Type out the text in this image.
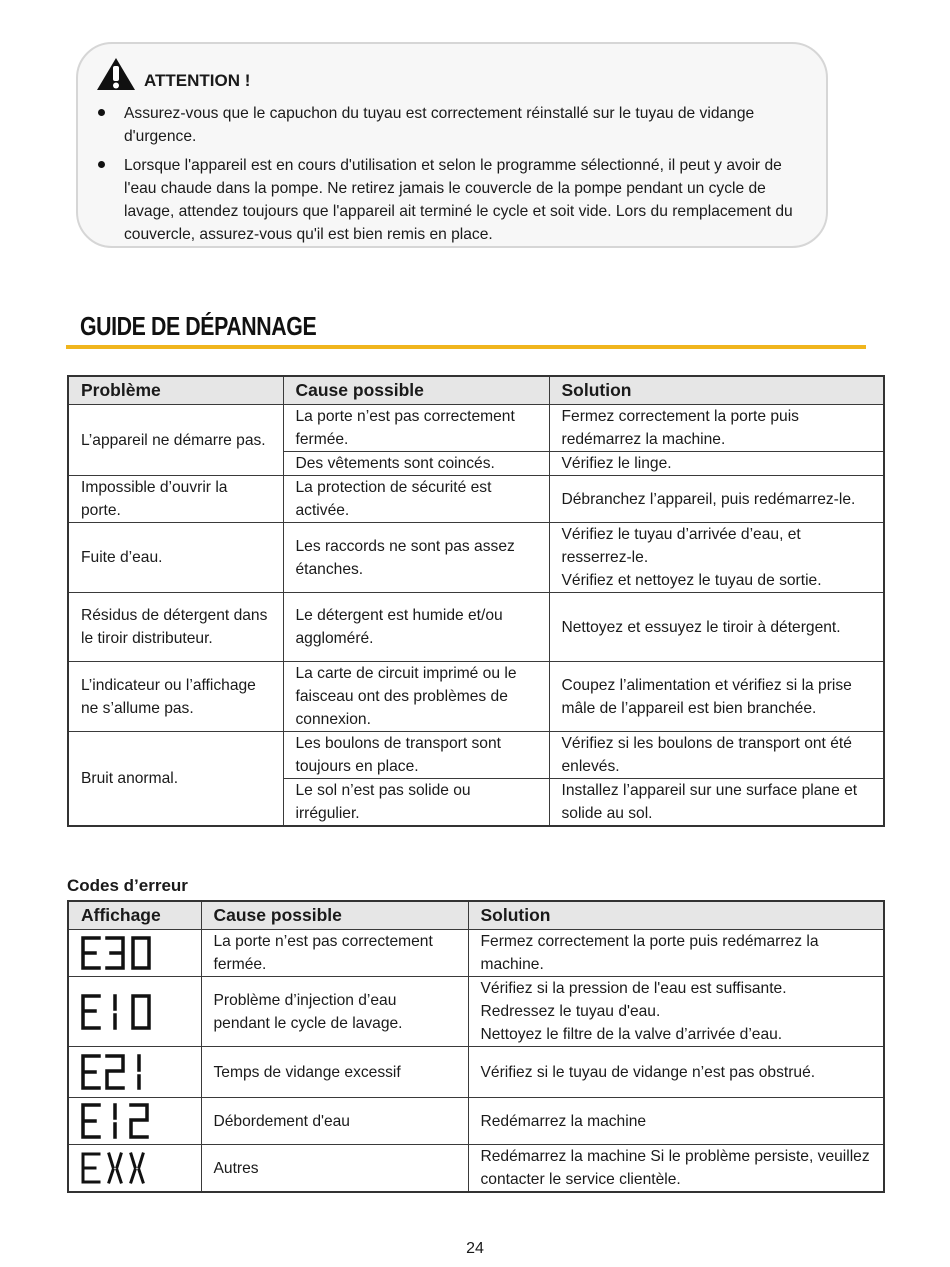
ATTENTION !
Assurez-vous que le capuchon du tuyau est correctement réinstallé sur le tuyau de vidange d'urgence.
Lorsque l'appareil est en cours d'utilisation et selon le programme sélectionné, il peut y avoir de l'eau chaude dans la pompe. Ne retirez jamais le couvercle de la pompe pendant un cycle de lavage, attendez toujours que l'appareil ait terminé le cycle et soit vide. Lors du remplacement du couvercle, assurez-vous qu'il est bien remis en place.
GUIDE DE DÉPANNAGE
Problème	Cause possible	Solution
L’appareil ne démarre pas.	La porte n’est pas correctement fermée.	Fermez correctement la porte puis redémarrez la machine.
	Des vêtements sont coincés.	Vérifiez le linge.
Impossible d’ouvrir la porte.	La protection de sécurité est activée.	Débranchez l’appareil, puis redémarrez-le.
Fuite d’eau.	Les raccords ne sont pas assez étanches.	Vérifiez le tuyau d’arrivée d’eau, et resserrez-le.
Vérifiez et nettoyez le tuyau de sortie.

Résidus de détergent dans le tiroir distributeur.	Le détergent est humide et/ou aggloméré.	Nettoyez et essuyez le tiroir à détergent.
L’indicateur ou l’affichage ne s’allume pas.	La carte de circuit imprimé ou le faisceau ont des problèmes de connexion.	Coupez l’alimentation et vérifiez si la prise mâle de l’appareil est bien branchée.
Bruit anormal.	Les boulons de transport sont toujours en place.	Vérifiez si les boulons de transport ont été enlevés.
	Le sol n’est pas solide ou irrégulier.	Installez l’appareil sur une surface plane et solide au sol.
Codes d’erreur
Affichage	Cause possible	Solution

	La porte n’est pas correctement fermée.	Fermez correctement la porte puis redémarrez la machine.

	Problème d’injection d’eau pendant le cycle de lavage.	Vérifiez si la pression de l'eau est suffisante.
Redressez le tuyau d'eau.
Nettoyez le filtre de la valve d’arrivée d’eau.

	Temps de vidange excessif	Vérifiez si le tuyau de vidange n’est pas obstrué.

	Débordement d'eau	Redémarrez la machine

	Autres	Redémarrez la machine Si le problème persiste, veuillez contacter le service clientèle.
24
